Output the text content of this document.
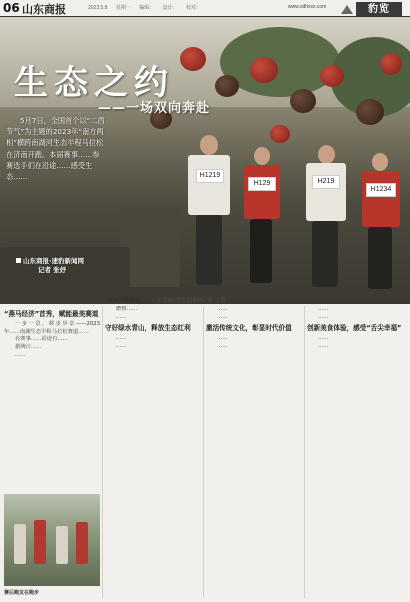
06 山东商报	2023.5.8 星期一 编辑： 设计： 校对：	www.sdhxxx.com	豹览
H1219
H129	H219
H1234
生态之约
——一场双向奔赴
5月7日，全国首个以“二西节气”为主题的2023年“南方两相”横跨南湖河生态半程马拉松在济南开跑。本届赛事……参赛选手们在沿途……感受生态……
山东商报·速豹新闻网
记者 张妤
赛事开跑瞬间。 山东商报·速豹新闻网记者 王利
“燕马经济”首秀，赋能最美赛道

一步一景，移步异景——2023年……南湖生态半程马拉松赛道……

在赛事……沿途有……

据统计……

……

燃情……

……

守好绿水青山，释放生态红利

……

……

……

……

激活传统文化，彰显时代价值

……

……

……

……

创新美食体验，感受“舌尖幸福”

……

……

赛后跑友在跑步
